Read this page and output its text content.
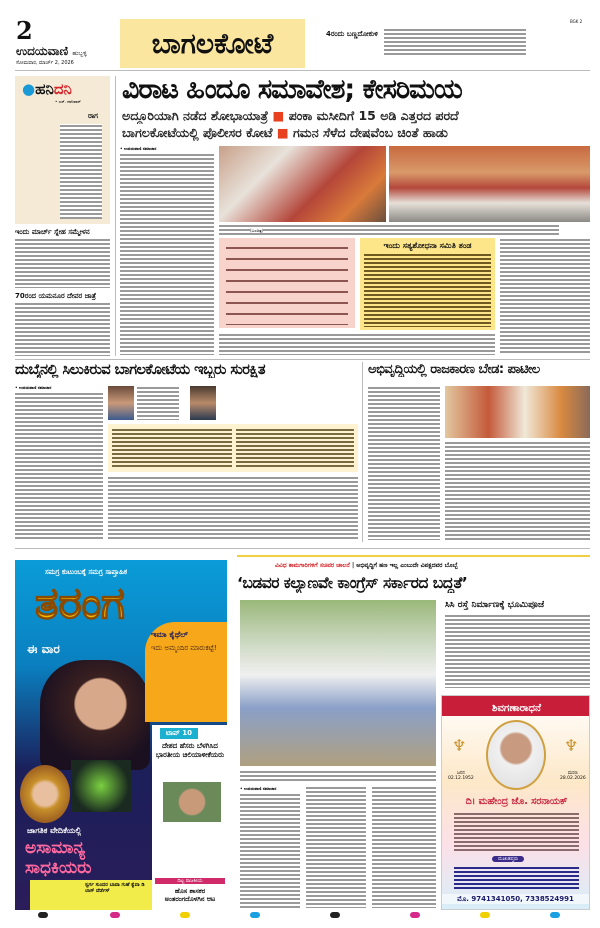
2
ಉದಯವಾಣಿ ಹುಬ್ಬಳ್ಳಿ
ಸೋಮವಾರ, ಮಾರ್ಚ್ 2, 2026
ಬಾಗಲಕೋಟೆ	4ರಂದು ಬಣ್ಣದೋಕುಳಿ
BGK 2
●ಹನಿದನಿ
• ಎಸ್. ದಾನಿವಾರ್
ರಾಗ
ಇಂದು ಮಾರ್ಚ್ ಸ್ನೇಹ ಸಮ್ಮೇಳನ
70ರಂದ ಯಮನೂರ ದೇವರ ಜಾತ್ರೆ
ವಿರಾಟ ಹಿಂದೂ ಸಮಾವೇಶ; ಕೇಸರಿಮಯ
ಅದ್ದೂರಿಯಾಗಿ ನಡೆದ ಶೋಭಾಯಾತ್ರೆ ■ ಪಂಕಾ ಮಸೀದಿಗೆ 15 ಅಡಿ ಎತ್ತರದ ಪರದೆ
ಬಾಗಲಕೋಟೆಯಲ್ಲಿ ಪೊಲೀಸರ ಕೋಟೆ ■ ಗಮನ ಸೆಳೆದ ದೇಷವೆಂಬ ಚಿಂತೆ ಹಾಡು
• ಉದಯವಾಣಿ ಸಮಾಚಾರ
(ಬಲಚಿತ್ರ)
ಇಂದು ಸತ್ಯಶೋಧನಾ ಸಮಿತಿ ತಂಡ
ದುಬೈನಲ್ಲಿ ಸಿಲುಕಿರುವ ಬಾಗಲಕೋಟೆಯ ಇಬ್ಬರು ಸುರಕ್ಷಿತ	ಅಭಿವೃದ್ಧಿಯಲ್ಲಿ ರಾಜಕಾರಣ ಬೇಡ: ಪಾಟೀಲ
• ಉದಯವಾಣಿ ಸಮಾಚಾರ
ಸಮಗ್ರ ಕುಟುಂಬಕ್ಕೆ ಸಮಗ್ರ ಸಾಪ್ತಾಹಿಕ
ತರಂಗ
ಈ ವಾರ
ಇಮಾ ಕೈಥೆಲ್
ಇದು ಅಮ್ಮಂದಿರ ಮಾರುಕಟ್ಟೆ!
ಟಾಪ್ 10
ದೇಶದ ಹೆಸರು ಬೆಳಗಿಸಿದ ಭಾರತೀಯ ಚಿಲಿಯಾಳೀಕೆಯರು
ದಿಟ್ಟ ರಾಜಕೀಯ
ಹೊಸ ಶಾಸಕರ ಅಂತರಂಗದೊಳಗಿನ ಆಟ
ಜಾಗತಿಕ ವೇದಿಕೆಯಲ್ಲಿ
ಅಸಾಮಾನ್ಯ ಸಾಧಕಿಯರು
ಸ್ವರ್ಗ ಸುಂದರ ಬಾವಾ ಗುಹೆ ಕ್ವೆವಾ ಡಿ ಲಾಸ್ ವೆರ್ಡೆಸ್
ವಿವಿಧ ಕಾಮಗಾರಿಗಳಿಗೆ ಸಚಿವರ ಚಾಲನೆ | ಅಭಿವೃದ್ಧಿಗೆ ಹಣ ಇಲ್ಲ ಎಂಬುದೇ ವಿಪಕ್ಷದವರ ಬೊಬ್ಬೆ
‘ಬಡವರ ಕಲ್ಯಾಣವೇ ಕಾಂಗ್ರೆಸ್ ಸರ್ಕಾರದ ಬದ್ಧತೆ’
ಸಿಸಿ ರಸ್ತೆ ನಿರ್ಮಾಣಕ್ಕೆ ಭೂಮಿಪೂಜೆ
• ಉದಯವಾಣಿ ಸಮಾಚಾರ
ಶಿವಗಣಾರಾಧನೆ
♆	♆
ಜನನ
02.12.1952
ಮರಣ
28.02.2026
ದಿ। ಮಹೇಂದ್ರ ಜೊ. ಸರನಾಯಕ್
ದುಃಖತಪ್ತರು
ಮೊ. 9741341050, 7338524991
